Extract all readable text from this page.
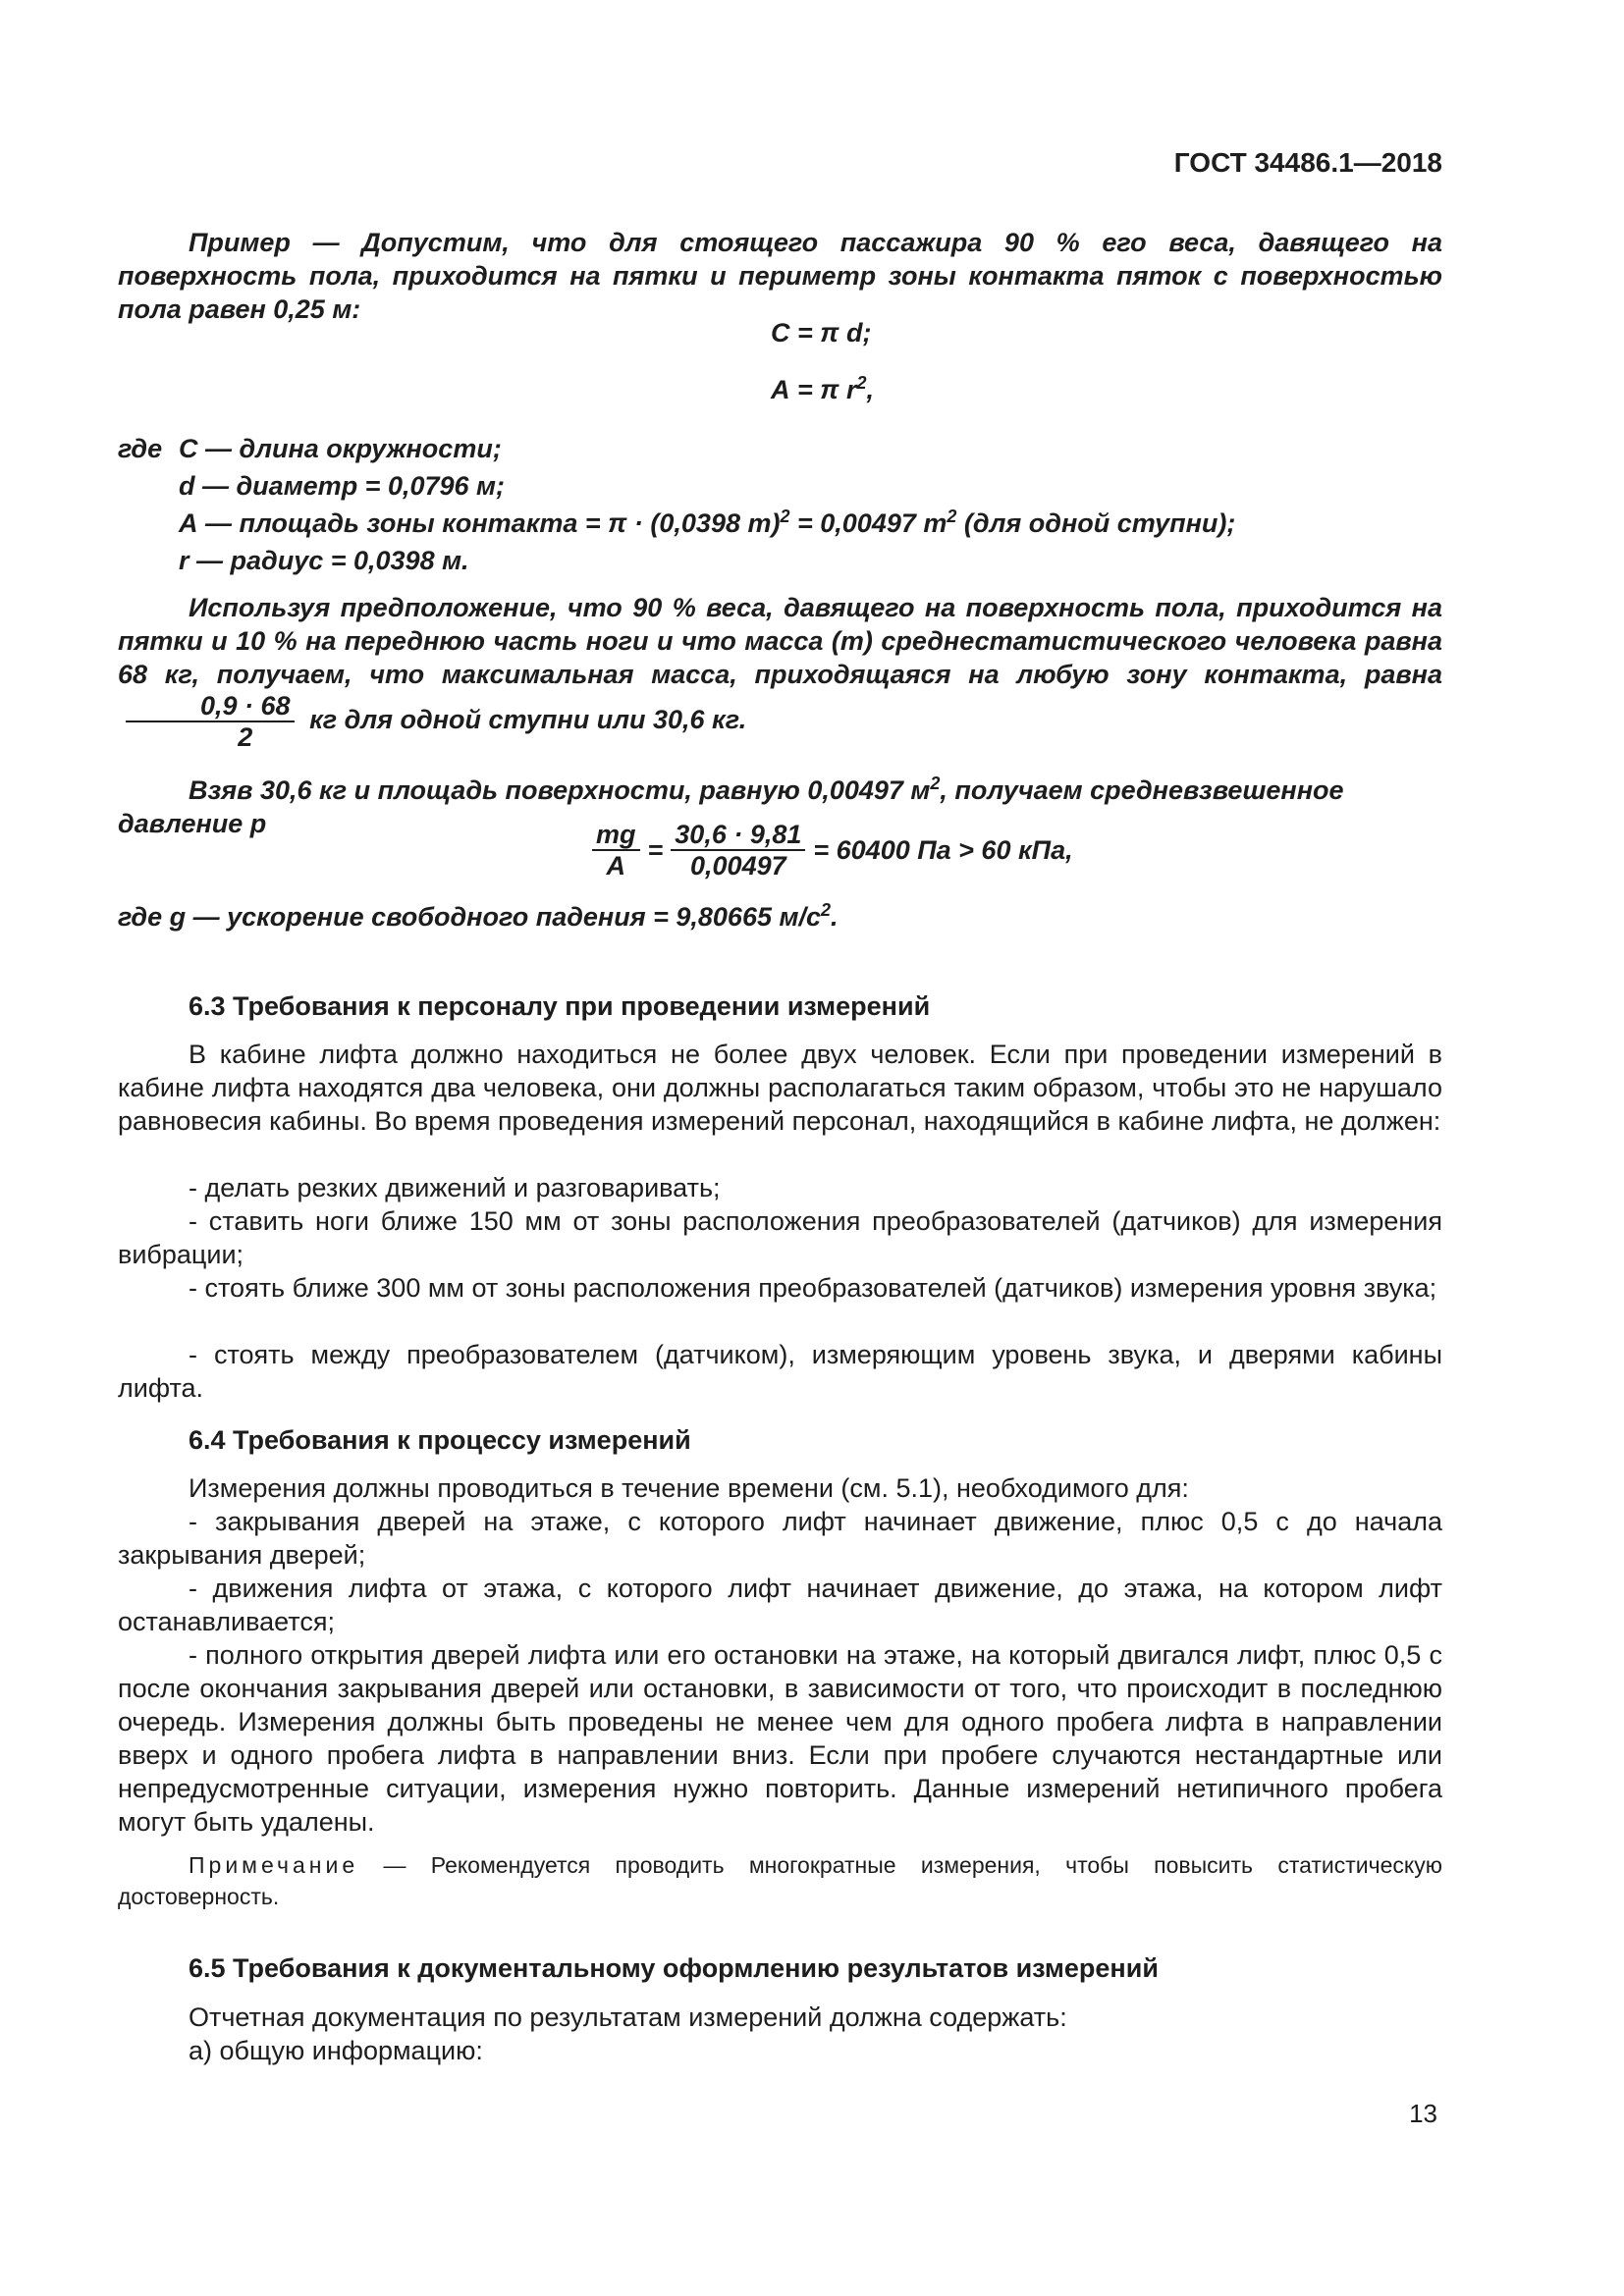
ГОСТ 34486.1—2018
Пример — Допустим, что для стоящего пассажира 90 % его веса, давящего на поверхность пола, приходится на пятки и периметр зоны контакта пяток с поверхностью пола равен 0,25 м:
С = π d;
А = π $r^2$,
где С — длина окружности;
d — диаметр = 0,0796 м;
А — площадь зоны контакта = π · (0,0398 m)$^2$ = 0,00497 $m^2$ (для одной ступни);
r — радиус = 0,0398 м.
Используя предположение, что 90 % веса, давящего на поверхность пола, приходится на пятки и 10 % на переднюю часть ноги и что масса (m) среднестатистического человека равна 68 кг, получаем, что максимальная масса, приходящаяся на любую зону контакта, равна
$\frac{0,9 \cdot 68}{2}$ кг для одной ступни или 30,6 кг.
Взяв 30,6 кг и площадь поверхности, равную 0,00497 $м^2$, получаем средневзвешенное давление p	$\frac{mg}{A} = \frac{30,6 \cdot 9,81}{0,00497} = 60400$ Па > 60 кПа,
где g — ускорение свободного падения = 9,80665 $м/с^2$.
6.3 Требования к персоналу при проведении измерений
В кабине лифта должно находиться не более двух человек. Если при проведении измерений в кабине лифта находятся два человека, они должны располагаться таким образом, чтобы это не нарушало равновесия кабины. Во время проведения измерений персонал, находящийся в кабине лифта, не должен:
- делать резких движений и разговаривать;
- ставить ноги ближе 150 мм от зоны расположения преобразователей (датчиков) для измерения вибрации;
- стоять ближе 300 мм от зоны расположения преобразователей (датчиков) измерения уровня звука;
- стоять между преобразователем (датчиком), измеряющим уровень звука, и дверями кабины лифта.
6.4 Требования к процессу измерений
Измерения должны проводиться в течение времени (см. 5.1), необходимого для:
- закрывания дверей на этаже, с которого лифт начинает движение, плюс 0,5 с до начала закрывания дверей;
- движения лифта от этажа, с которого лифт начинает движение, до этажа, на котором лифт останавливается;
- полного открытия дверей лифта или его остановки на этаже, на который двигался лифт, плюс 0,5 с после окончания закрывания дверей или остановки, в зависимости от того, что происходит в последнюю очередь. Измерения должны быть проведены не менее чем для одного пробега лифта в направлении вверх и одного пробега лифта в направлении вниз. Если при пробеге случаются нестандартные или непредусмотренные ситуации, измерения нужно повторить. Данные измерений нетипичного пробега могут быть удалены.
Примечание — Рекомендуется проводить многократные измерения, чтобы повысить статистическую достоверность.
6.5 Требования к документальному оформлению результатов измерений
Отчетная документация по результатам измерений должна содержать:
а) общую информацию:
13
